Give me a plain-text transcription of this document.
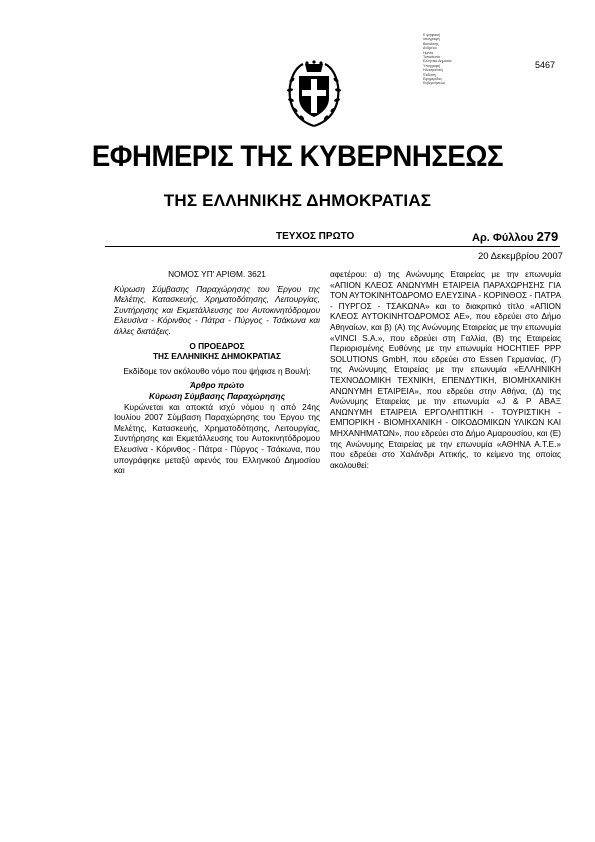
Ε ψηφιακή
υπογραφή
Βασιλικής
Ανδρέου
Ημ/νία
Τοποθεσία
Ελληνικό Δημόσιο
Υπογραφή
Ηλεκτρονική
Έκδοση
Εφημερίδας
Κυβερνήσεως
5467
ΕΦΗΜΕΡΙΣ ΤΗΣ ΚΥΒΕΡΝΗΣΕΩΣ
ΤΗΣ ΕΛΛΗΝΙΚΗΣ ΔΗΜΟΚΡΑΤΙΑΣ
ΤΕΥΧΟΣ ΠΡΩΤΟ	Αρ. Φύλλου 279
20 Δεκεμβρίου 2007

ΝΟΜΟΣ ΥΠ' ΑΡΙΘΜ. 3621

Κύρωση Σύμβασης Παραχώρησης του Έργου της Μελέτης, Κατασκευής, Χρηματοδότησης, Λειτουργίας, Συντήρησης και Εκμετάλλευσης του Αυτοκινητόδρομου Ελευσίνα - Κόρινθος - Πάτρα - Πύργος - Τσάκωνα και άλλες διατάξεις.

Ο ΠΡΟΕΔΡΟΣ

ΤΗΣ ΕΛΛΗΝΙΚΗΣ ΔΗΜΟΚΡΑΤΙΑΣ

Εκδίδομε τον ακόλουθο νόμο που ψήφισε η Βουλή:

Άρθρο πρώτο

Κύρωση Σύμβασης Παραχώρησης

Κυρώνεται και αποκτά ισχύ νόμου η από 24ης Ιουλίου 2007 Σύμβαση Παραχώρησης του Έργου της Μελέτης, Κατασκευής, Χρηματοδότησης, Λειτουργίας, Συντήρησης και Εκμετάλλευσης του Αυτοκινητόδρομου Ελευσίνα - Κόρινθος - Πάτρα - Πύργος - Τσάκωνα, που υπογράφηκε μεταξύ αφενός του Ελληνικού Δημοσίου και

αφετέρου: α) της Ανώνυμης Εταιρείας με την επωνυμία «ΑΠΙΟΝ ΚΛΕΟΣ ΑΝΩΝΥΜΗ ΕΤΑΙΡΕΙΑ ΠΑΡΑΧΩΡΗΣΗΣ ΓΙΑ ΤΟΝ ΑΥΤΟΚΙΝΗΤΟΔΡΟΜΟ ΕΛΕΥΣΙΝΑ - ΚΟΡΙΝΘΟΣ - ΠΑΤΡΑ - ΠΥΡΓΟΣ - ΤΣΑΚΩΝΑ» και το διακριτικό τίτλο «ΑΠΙΟΝ ΚΛΕΟΣ ΑΥΤΟΚΙΝΗΤΟΔΡΟΜΟΣ ΑΕ», που εδρεύει στο Δήμο Αθηναίων, και β) (Α) της Ανώνυμης Εταιρείας με την επωνυμία «VINCI S.A.», που εδρεύει στη Γαλλία, (Β) της Εταιρείας Περιορισμένης Ευθύνης με την επωνυμία HOCHTIEF PPP SOLUTIONS GmbH, που εδρεύει στο Essen Γερμανίας, (Γ) της Ανώνυμης Εταιρείας με την επωνυμία «ΕΛΛΗΝΙΚΗ ΤΕΧΝΟΔΟΜΙΚΗ ΤΕΧΝΙΚΗ, ΕΠΕΝΔΥΤΙΚΗ, ΒΙΟΜΗΧΑΝΙΚΗ ΑΝΩΝΥΜΗ ΕΤΑΙΡΕΙΑ», που εδρεύει στην Αθήνα, (Δ) της Ανώνυμης Εταιρείας με την επωνυμία «J & P ΑΒΑΞ ΑΝΩΝΥΜΗ ΕΤΑΙΡΕΙΑ ΕΡΓΟΛΗΠΤΙΚΗ - ΤΟΥΡΙΣΤΙΚΗ - ΕΜΠΟΡΙΚΗ - ΒΙΟΜΗΧΑΝΙΚΗ - ΟΙΚΟΔΟΜΙΚΩΝ ΥΛΙΚΩΝ ΚΑΙ ΜΗΧΑΝΗΜΑΤΩΝ», που εδρεύει στο Δήμο Αμαρουσίου, και (Ε) της Ανώνυμης Εταιρείας με την επωνυμία «ΑΘΗΝΑ Α.Τ.Ε.» που εδρεύει στο Χαλάνδρι Αττικής, το κείμενο της οποίας ακολουθεί:
